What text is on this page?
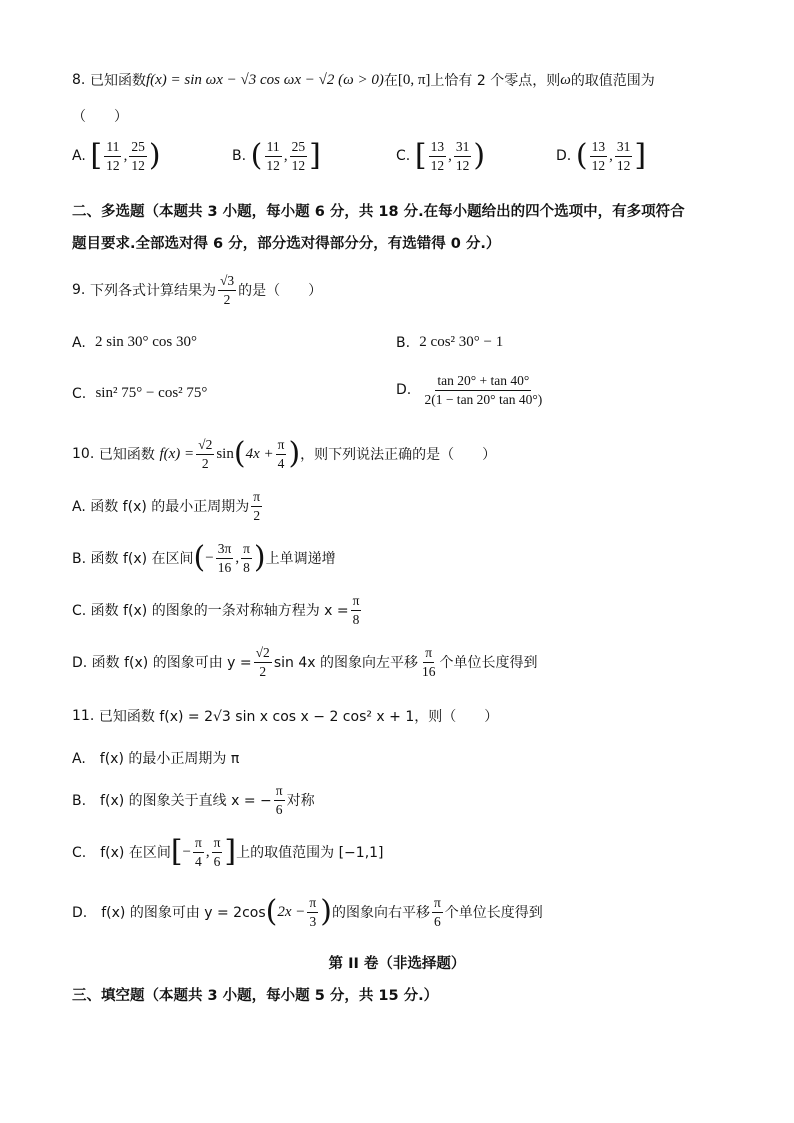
8.
已知函数 f(x) = sin ωx − √3 cos ωx − √2 (ω > 0) 在 [0, π] 上恰有 2 个零点，则 ω 的取值范围为
（　　）
A.
[ $\frac{11}{12}$ , $\frac{25}{12}$ )	B.
( $\frac{11}{12}$ , $\frac{25}{12}$ ]	C.
[ $\frac{13}{12}$ , $\frac{31}{12}$ )	D.
( $\frac{13}{12}$ , $\frac{31}{12}$ ]
二、多选题（本题共 3 小题，每小题 6 分，共 18 分.在每小题给出的四个选项中，有多项符合
题目要求.全部选对得 6 分，部分选对得部分分，有选错得 0 分.）
9.
下列各式计算结果为 $\frac{√3}{2}$ 的是（　　）
A.
2 sin 30° cos 30°	B.
2 cos² 30° − 1
C.
sin² 75° − cos² 75°	D.
$\frac{\tan 20^\circ + \tan 40^\circ}{2(1 - \tan 20^\circ \tan 40^\circ)}$
10.
已知函数
$f(x) = \frac{√2}{2}$ sin ( $4x + \frac{\pi}{4}$ ) ，则下列说法正确的是（　　）
A. 函数 f(x) 的最小正周期为 $\frac{\pi}{2}$
B. 函数 f(x) 在区间 ( − $\frac{3\pi}{16}$ , $\frac{\pi}{8}$ ) 上单调递增
C. 函数 f(x) 的图象的一条对称轴方程为 $x = \frac{\pi}{8}$
D. 函数 f(x) 的图象可由 $y = \frac{√2}{2}$ sin 4x 的图象向左平移 $\frac{\pi}{16}$ 个单位长度得到
11.
已知函数 f(x) = 2√3 sin x cos x − 2 cos² x + 1，则（　　）
A.　f(x) 的最小正周期为 π
B.　f(x) 的图象关于直线 x = − $\frac{\pi}{6}$ 对称
C.　f(x) 在区间 [ − $\frac{\pi}{4}$ , $\frac{\pi}{6}$ ] 上的取值范围为 [−1,1]
D.　f(x) 的图象可由 y = 2cos ( $2x - \frac{\pi}{3}$ ) 的图象向右平移 $\frac{\pi}{6}$ 个单位长度得到
第 II 卷（非选择题）
三、填空题（本题共 3 小题，每小题 5 分，共 15 分.）
